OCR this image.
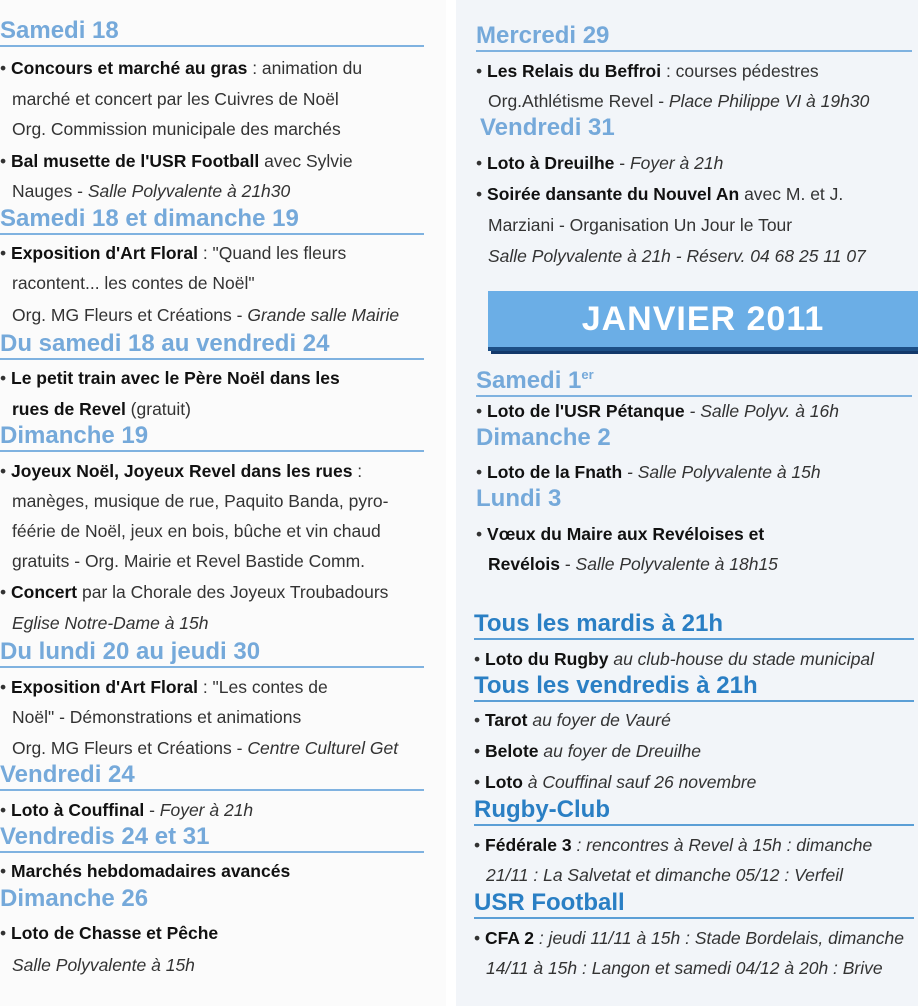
Samedi 18
• Concours et marché au gras : animation du
marché et concert par les Cuivres de Noël
Org. Commission municipale des marchés
• Bal musette de l'USR Football avec Sylvie
Nauges - Salle Polyvalente à 21h30
Samedi 18 et dimanche 19
• Exposition d'Art Floral : "Quand les fleurs
racontent... les contes de Noël"
Org. MG Fleurs et Créations - Grande salle Mairie
Du samedi 18 au vendredi 24
• Le petit train avec le Père Noël dans les
rues de Revel (gratuit)
Dimanche 19
• Joyeux Noël, Joyeux Revel dans les rues :
manèges, musique de rue, Paquito Banda, pyro-
féérie de Noël, jeux en bois, bûche et vin chaud
gratuits - Org. Mairie et Revel Bastide Comm.
• Concert par la Chorale des Joyeux Troubadours
Eglise Notre-Dame à 15h
Du lundi 20 au jeudi 30
• Exposition d'Art Floral : "Les contes de
Noël" - Démonstrations et animations
Org. MG Fleurs et Créations - Centre Culturel Get
Vendredi 24
• Loto à Couffinal - Foyer à 21h
Vendredis 24 et 31
• Marchés hebdomadaires avancés
Dimanche 26
• Loto de Chasse et Pêche
Salle Polyvalente à 15h
Mercredi 29
• Les Relais du Beffroi : courses pédestres
Org.Athlétisme Revel - Place Philippe VI à 19h30
Vendredi 31
• Loto à Dreuilhe - Foyer à 21h
• Soirée dansante du Nouvel An avec M. et J.
Marziani - Organisation Un Jour le Tour
Salle Polyvalente à 21h - Réserv. 04 68 25 11 07
JANVIER 2011
Samedi 1er
• Loto de l'USR Pétanque - Salle Polyv. à 16h
Dimanche 2
• Loto de la Fnath - Salle Polyvalente à 15h
Lundi 3
• Vœux du Maire aux Revéloises et
Revélois - Salle Polyvalente à 18h15
Tous les mardis à 21h
• Loto du Rugby au club-house du stade municipal
Tous les vendredis à 21h
• Tarot au foyer de Vauré
• Belote au foyer de Dreuilhe
• Loto à Couffinal sauf 26 novembre
Rugby-Club
• Fédérale 3 : rencontres à Revel à 15h : dimanche
21/11 : La Salvetat et dimanche 05/12 : Verfeil
USR Football
• CFA 2 : jeudi 11/11 à 15h : Stade Bordelais, dimanche
14/11 à 15h : Langon et samedi 04/12 à 20h : Brive
